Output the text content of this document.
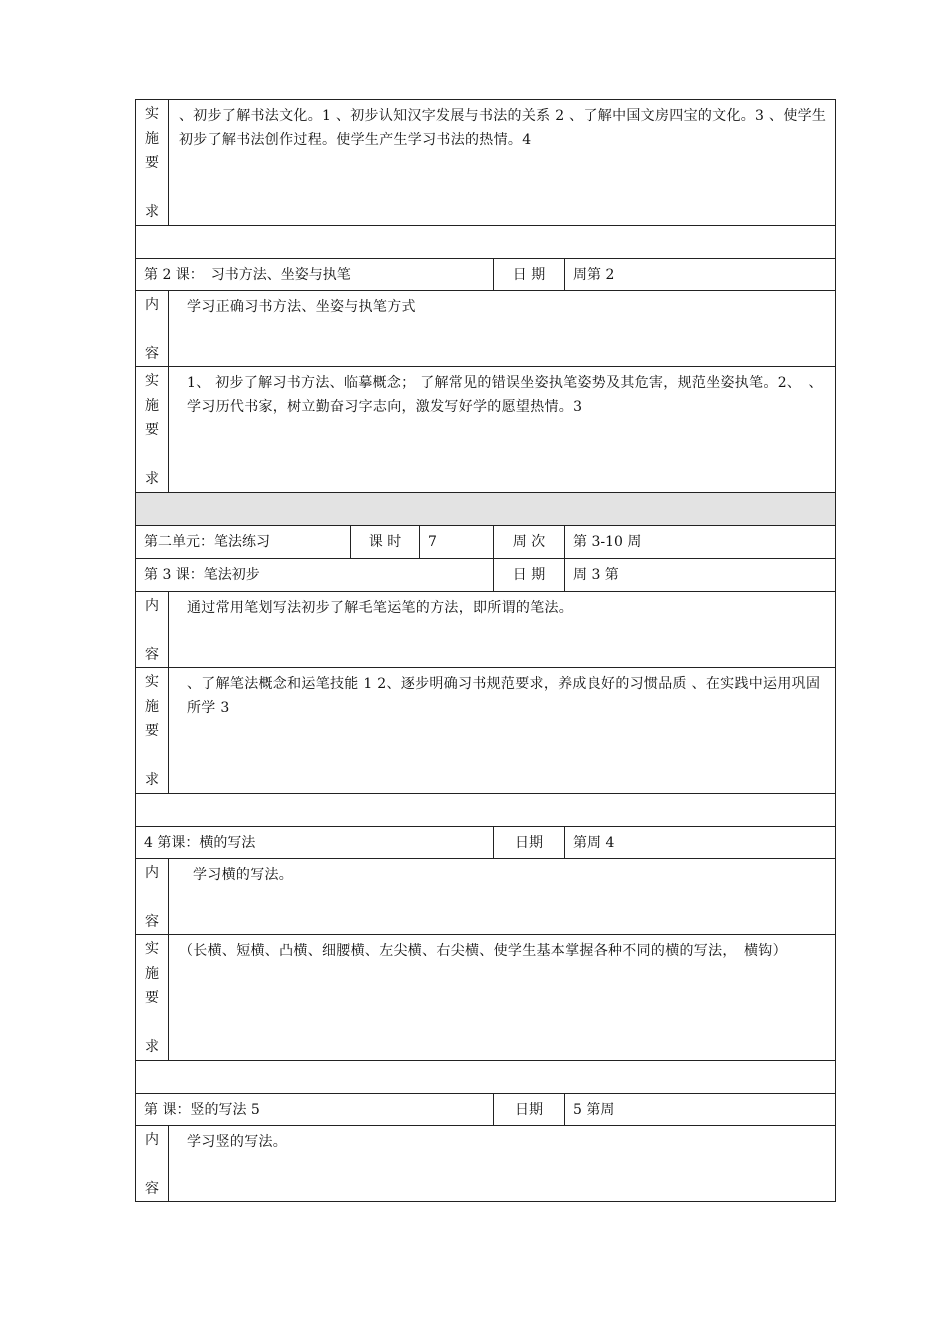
实
施
要
求	、初步了解书法文化。1 、初步认知汉字发展与书法的关系 2 、了解中国文房四宝的文化。3 、使学生初步了解书法创作过程。使学生产生学习书法的热情。4				

第 2 课：　习书方法、坐姿与执笔				日 期	周第 2

内
容	学习正确习书方法、坐姿与执笔方式				

实
施
要
求	1、 初步了解习书方法、临摹概念； 了解常见的错误坐姿执笔姿势及其危害，规范坐姿执笔。2、　、学习历代书家，树立勤奋习字志向，激发写好学的愿望热情。3				

第二单元：笔法练习		课 时	7	周 次	第 3-10 周
第 3 课：笔法初步				日 期	周 3 第

内
容	通过常用笔划写法初步了解毛笔运笔的方法，即所谓的笔法。				

实
施
要
求	、了解笔法概念和运笔技能 1 2、逐步明确习书规范要求，养成良好的习惯品质 、在实践中运用巩固所学 3				

4 第课：横的写法				日期	第周 4

内
容	学习横的写法。				

实
施
要
求	（长横、短横、凸横、细腰横、左尖横、右尖横、使学生基本掌握各种不同的横的写法，　横钩）				

第 课：竖的写法 5				日期	5 第周

内
容	学习竖的写法。				
